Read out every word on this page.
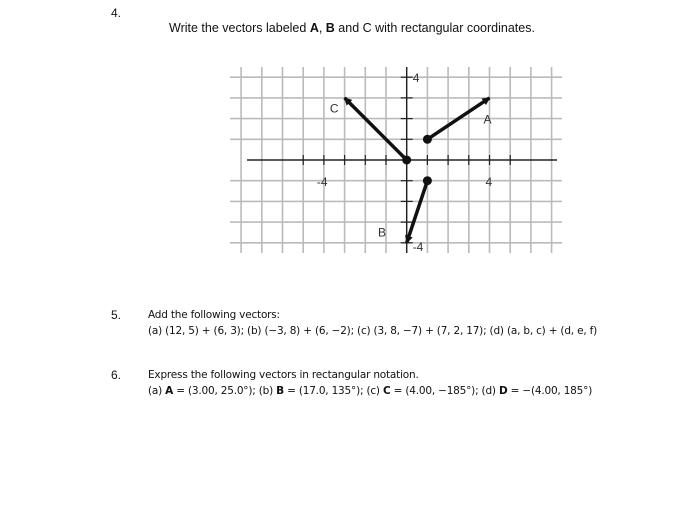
4.
Write the vectors labeled A, B and C with rectangular coordinates.
-4	4
4
-4
A
B
C
5.	Add the following vectors:
(a) (12, 5) + (6, 3); (b) (−3, 8) + (6, −2); (c) (3, 8, −7) + (7, 2, 17); (d) (a, b, c) + (d, e, f)
6.	Express the following vectors in rectangular notation.
(a) A = (3.00, 25.0°); (b) B = (17.0, 135°); (c) C = (4.00, −185°); (d) D = −(4.00, 185°)
